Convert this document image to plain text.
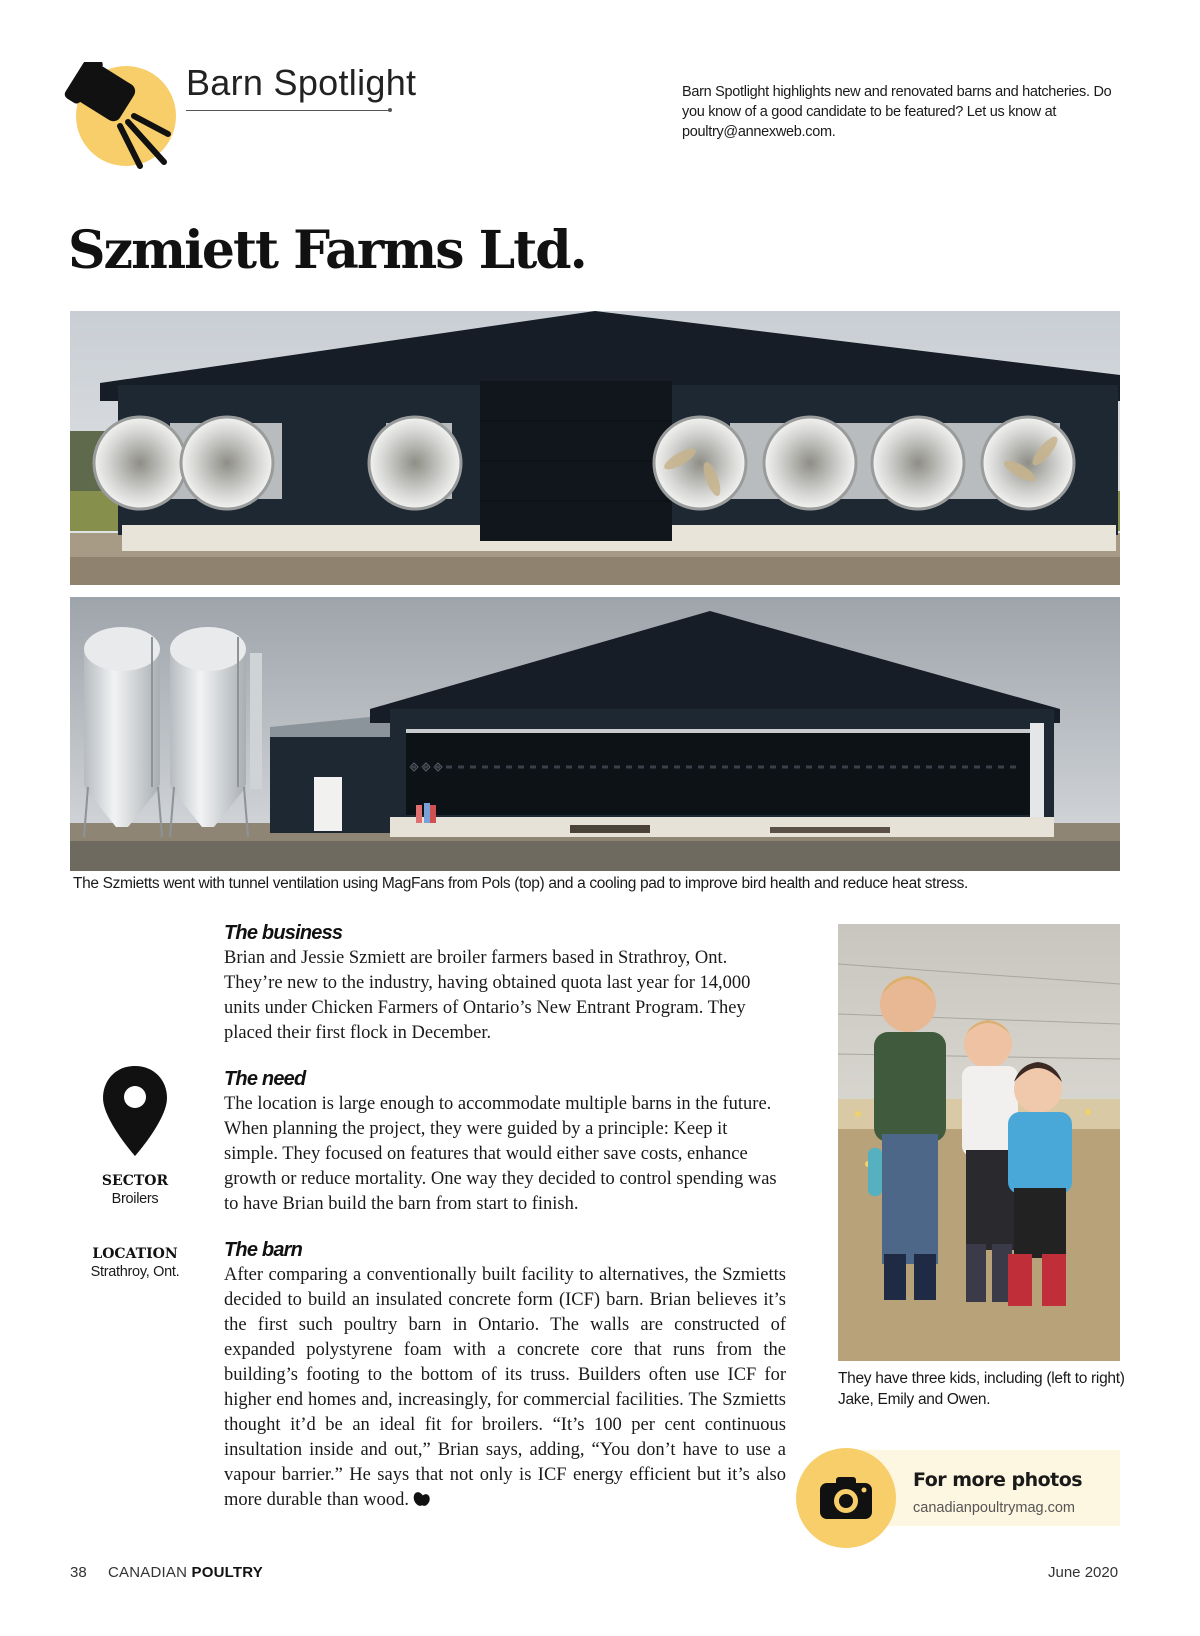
Barn Spotlight	Barn Spotlight highlights new and renovated barns and hatcheries. Do you know of a good candidate to be featured? Let us know at poultry@annexweb.com.
Szmiett Farms Ltd.
The Szmietts went with tunnel ventilation using MagFans from Pols (top) and a cooling pad to improve bird health and reduce heat stress.
SECTOR
Broilers
LOCATION
Strathroy, Ont.
The business

Brian and Jessie Szmiett are broiler farmers based in Strathroy, Ont. They’re new to the industry, having obtained quota last year for 14,000 units under Chicken Farmers of Ontario’s New Entrant Program. They placed their first flock in December.

The need

The location is large enough to accommodate multiple barns in the future. When planning the project, they were guided by a principle: Keep it simple. They focused on features that would either save costs, enhance growth or reduce mortality. One way they decided to control spending was to have Brian build the barn from start to finish.

The barn

After comparing a conventionally built facility to alternatives, the Szmietts decided to build an insulated concrete form (ICF) barn. Brian believes it’s the first such poultry barn in Ontario. The walls are constructed of expanded polystyrene foam with a concrete core that runs from the building’s footing to the bottom of its truss. Builders often use ICF for higher end homes and, increasingly, for commercial facilities. The Szmietts thought it’d be an ideal fit for broilers. “It’s 100 per cent continuous insultation inside and out,” Brian says, adding, “You don’t have to use a vapour barrier.” He says that not only is ICF energy efficient but it’s also more durable than wood.

They have three kids, including (left to right) Jake, Emily and Owen.
For more photos
canadianpoultrymag.com
38 CANADIAN POULTRY	June 2020
